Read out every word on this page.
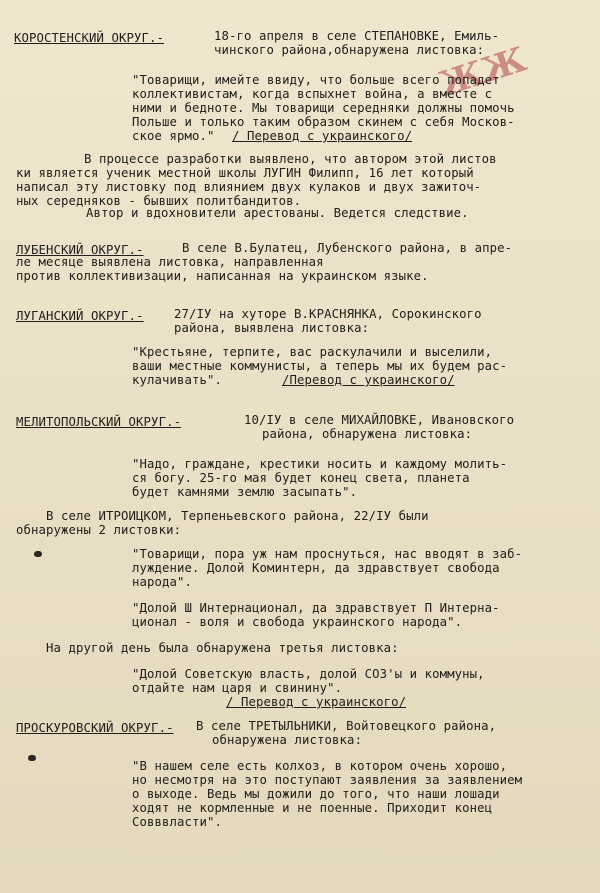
ЖЖ
КОРОСТЕНСКИЙ ОКРУГ.-	18-го апреля в селе СТЕПАНОВКЕ, Емиль-
чинского района,обнаружена листовка:
"Товарищи, имейте ввиду, что больше всего попадет
коллективистам, когда вспыхнет война, а вместе с
ними и бедноте. Мы товарищи середняки должны помочь
Польше и только таким образом скинем с себя Москов-
ское ярмо." / Перевод с украинского/
В процессе разработки выявлено, что автором этой листов
ки является ученик местной школы ЛУГИН Филипп, 16 лет который
написал эту листовку под влиянием двух кулаков и двух зажиточ-
ных середняков - бывших политбандитов.
Автор и вдохновители арестованы. Ведется следствие.
ЛУБЕНСКИЙ ОКРУГ.-	В селе В.Булатец, Лубенского района, в апре-
ле месяце выявлена листовка, направленная
против коллективизации, написанная на украинском языке.
ЛУГАНСКИЙ ОКРУГ.- 27/IУ на хуторе В.КРАСНЯНКА, Сорокинского
района, выявлена листовка:
"Крестьяне, терпите, вас раскулачили и выселили,
ваши местные коммунисты, а теперь мы их будем рас-
кулачивать".	/Перевод с украинского/
МЕЛИТОПОЛЬСКИЙ ОКРУГ.-	10/IУ в селе МИХАЙЛОВКЕ, Ивановского
района, обнаружена листовка:
"Надо, граждане, крестики носить и каждому молить-
ся богу. 25-го мая будет конец света, планета
будет камнями землю засыпать".
В селе ИТРОИЦКОМ, Терпеньевского района, 22/IУ были
обнаружены 2 листовки:
"Товарищи, пора уж нам проснуться, нас вводят в заб-
луждение. Долой Коминтерн, да здравствует свобода
народа".
"Долой Ш Интернационал, да здравствует П Интерна-
ционал - воля и свобода украинского народа".
На другой день была обнаружена третья листовка:
"Долой Советскую власть, долой СОЗ'ы и коммуны,
отдайте нам царя и свинину".
/ Перевод с украинского/
ПРОСКУРОВСКИЙ ОКРУГ.- В селе ТРЕТЫЛЬНИКИ, Войтовецкого района,
обнаружена листовка:
"В нашем селе есть колхоз, в котором очень хорошо,
но несмотря на это поступают заявления за заявлением
о выходе. Ведь мы дожили до того, что наши лошади
ходят не кормленные и не поенные. Приходит конец
Совввласти".
